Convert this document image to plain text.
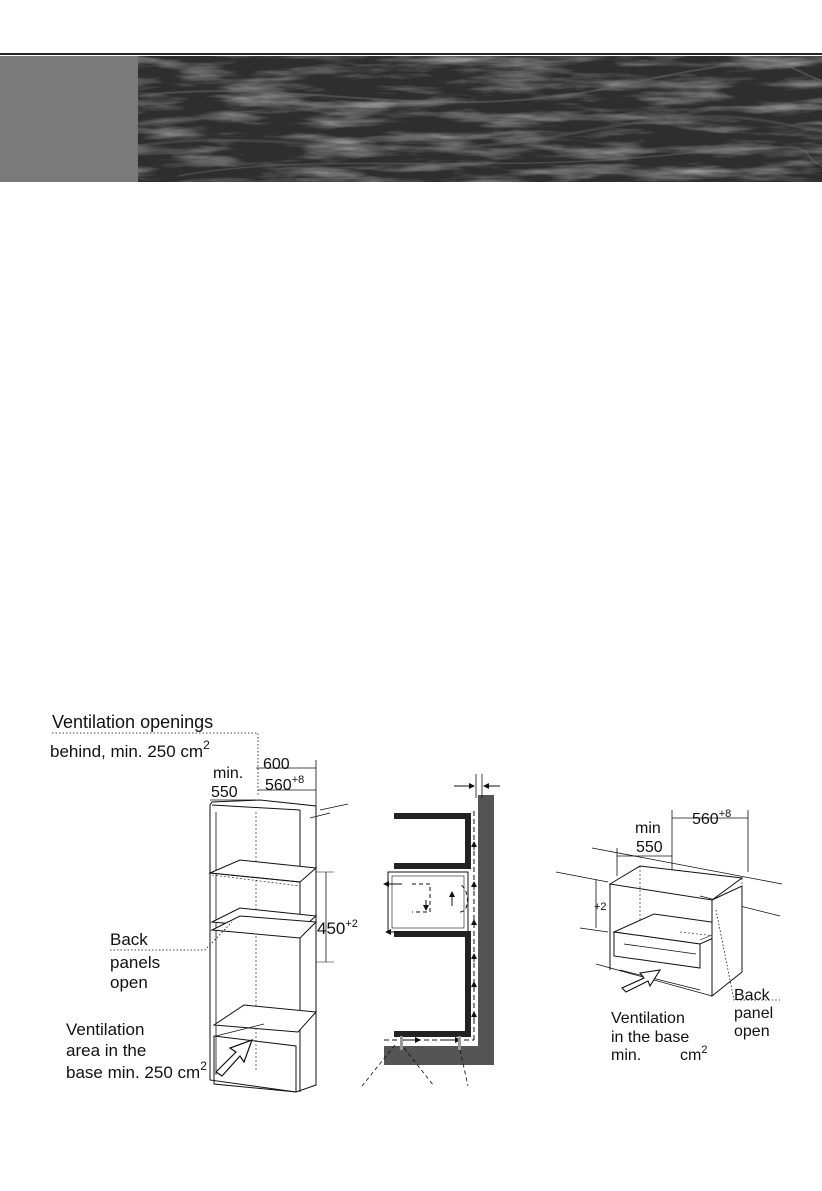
Ventilation openings
behind, min. 250 $cm^2$
600
min.
550 $560^{+8}$
$450^{+2}$
Back
panels
open
Ventilation
area in the
base min. 250 $cm^2$
min
550
$560^{+8}$
+2
Back
panel
open
Ventilation
in the base
min. $cm^2$
